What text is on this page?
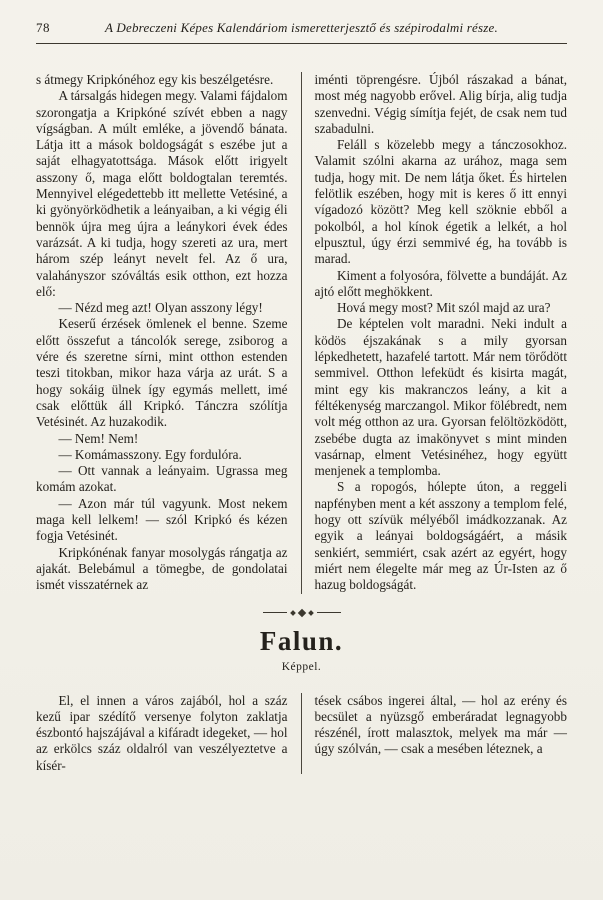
78	A Debreczeni Képes Kalendáriom ismeretterjesztő és szépirodalmi része.

s átmegy Kripkónéhoz egy kis beszélgetésre.

A társalgás hidegen megy. Valami fájdalom szorongatja a Kripkóné szívét ebben a nagy vígságban. A múlt emléke, a jövendő bánata. Látja itt a mások boldogságát s eszébe jut a saját elhagyatottsága. Mások előtt irigyelt asszony ő, maga előtt boldogtalan teremtés. Mennyivel elégedettebb itt mellette Vetésiné, a ki gyönyörködhetik a leányaiban, a ki végig éli bennök újra meg újra a leánykori évek édes varázsát. A ki tudja, hogy szereti az ura, mert három szép leányt nevelt fel. Az ő ura, valahányszor szóváltás esik otthon, ezt hozza elő:

— Nézd meg azt! Olyan asszony légy!

Keserű érzések ömlenek el benne. Szeme előtt összefut a táncolók serege, zsiborog a vére és szeretne sírni, mint otthon estenden teszi titokban, mikor haza várja az urát. S a hogy sokáig ülnek így egymás mellett, imé csak előttük áll Kripkó. Tánczra szólítja Vetésinét. Az huzakodik.

— Nem! Nem!

— Komámasszony. Egy fordulóra.

— Ott vannak a leányaim. Ugrassa meg komám azokat.

— Azon már túl vagyunk. Most nekem maga kell lelkem! — szól Kripkó és kézen fogja Vetésinét.

Kripkónénak fanyar mosolygás rángatja az ajakát. Belebámul a tömegbe, de gondolatai ismét visszatérnek az

iménti töprengésre. Újból rászakad a bánat, most még nagyobb erővel. Alig bírja, alig tudja szenvedni. Végig símítja fejét, de csak nem tud szabadulni.

Feláll s közelebb megy a tánczosokhoz. Valamit szólni akarna az urához, maga sem tudja, hogy mit. De nem látja őket. És hirtelen felötlik eszében, hogy mit is keres ő itt ennyi vígadozó között? Meg kell szöknie ebből a pokolból, a hol kínok égetik a lelkét, a hol elpusztul, úgy érzi semmivé ég, ha tovább is marad.

Kiment a folyosóra, fölvette a bundáját. Az ajtó előtt meghökkent.

Hová megy most? Mit szól majd az ura?

De képtelen volt maradni. Neki indult a ködös éjszakának s a mily gyorsan lépkedhetett, hazafelé tartott. Már nem törődött semmivel. Otthon lefeküdt és kisirta magát, mint egy kis makranczos leány, a kit a féltékenység marczangol. Mikor fölébredt, nem volt még otthon az ura. Gyorsan felöltözködött, zsebébe dugta az imakönyvet s mint minden vasárnap, elment Vetésinéhez, hogy együtt menjenek a templomba.

S a ropogós, hólepte úton, a reggeli napfényben ment a két asszony a templom felé, hogy ott szívük mélyéből imádkozzanak. Az egyik a leányai boldogságáért, a másik senkiért, semmiért, csak azért az egyért, hogy miért nem élegelte már meg az Úr-Isten az ő hazug boldogságát.

Falun.
Képpel.

El, el innen a város zajából, hol a száz kezű ipar szédítő versenye folyton zaklatja észbontó hajszájával a kifáradt idegeket, — hol az erkölcs száz oldalról van veszélyeztetve a kísér-

tések csábos ingerei által, — hol az erény és becsület a nyüzsgő emberáradat legnagyobb részénél, írott malasztok, melyek ma már — úgy szólván, — csak a mesében léteznek, a
